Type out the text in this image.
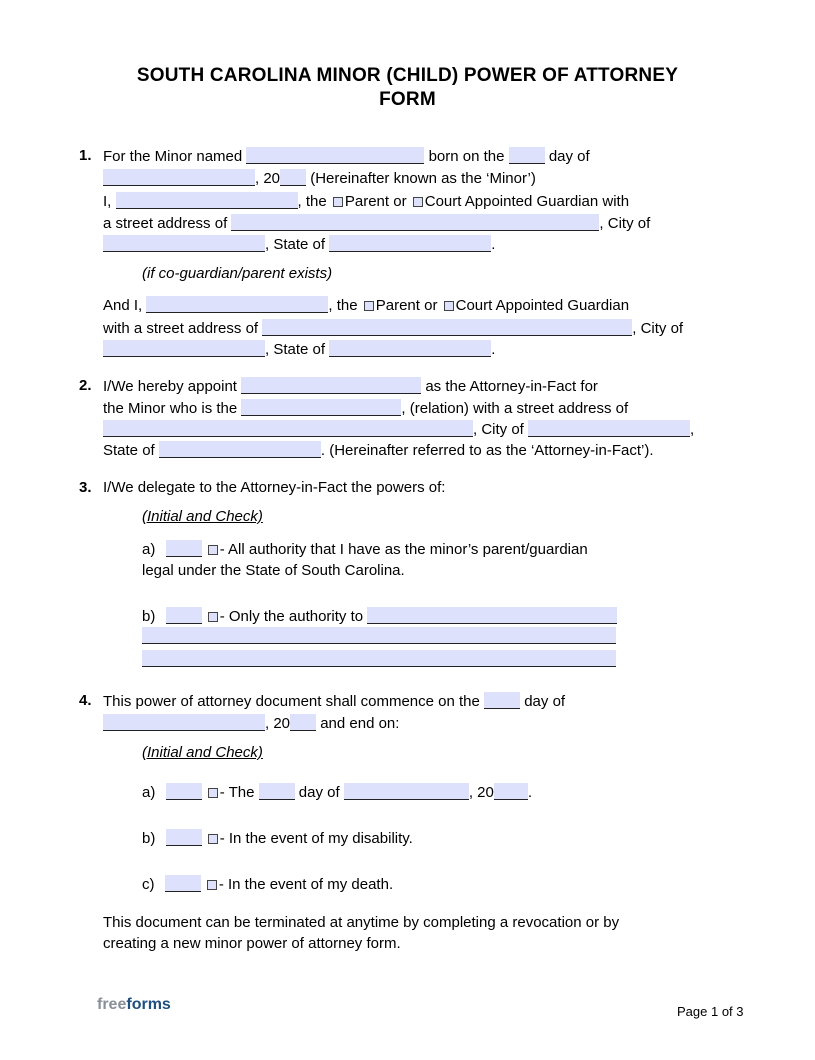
SOUTH CAROLINA MINOR (CHILD) POWER OF ATTORNEY
FORM
1. For the Minor named	born on the	day of
, 20 (Hereinafter known as the ‘Minor’)
I,	, the Parent or Court Appointed Guardian with
a street address of	, City of
, State of	.
(if co-guardian/parent exists)
And I,	, the Parent or Court Appointed Guardian
with a street address of	, City of
, State of	.
2. I/We hereby appoint	as the Attorney-in-Fact for
the Minor who is the	, (relation) with a street address of
, City of	,
State of	. (Hereinafter referred to as the ‘Attorney-in-Fact’).
3. I/We delegate to the Attorney-in-Fact the powers of:
(Initial and Check)
a)	- All authority that I have as the minor’s parent/guardian
legal under the State of South Carolina.
b)	- Only the authority to
4. This power of attorney document shall commence on the	day of
, 20 and end on:
(Initial and Check)
a)	- The	day of	, 20 .
b)	- In the event of my disability.
c)	- In the event of my death.
This document can be terminated at anytime by completing a revocation or by
creating a new minor power of attorney form.
freeforms	Page 1 of 3
